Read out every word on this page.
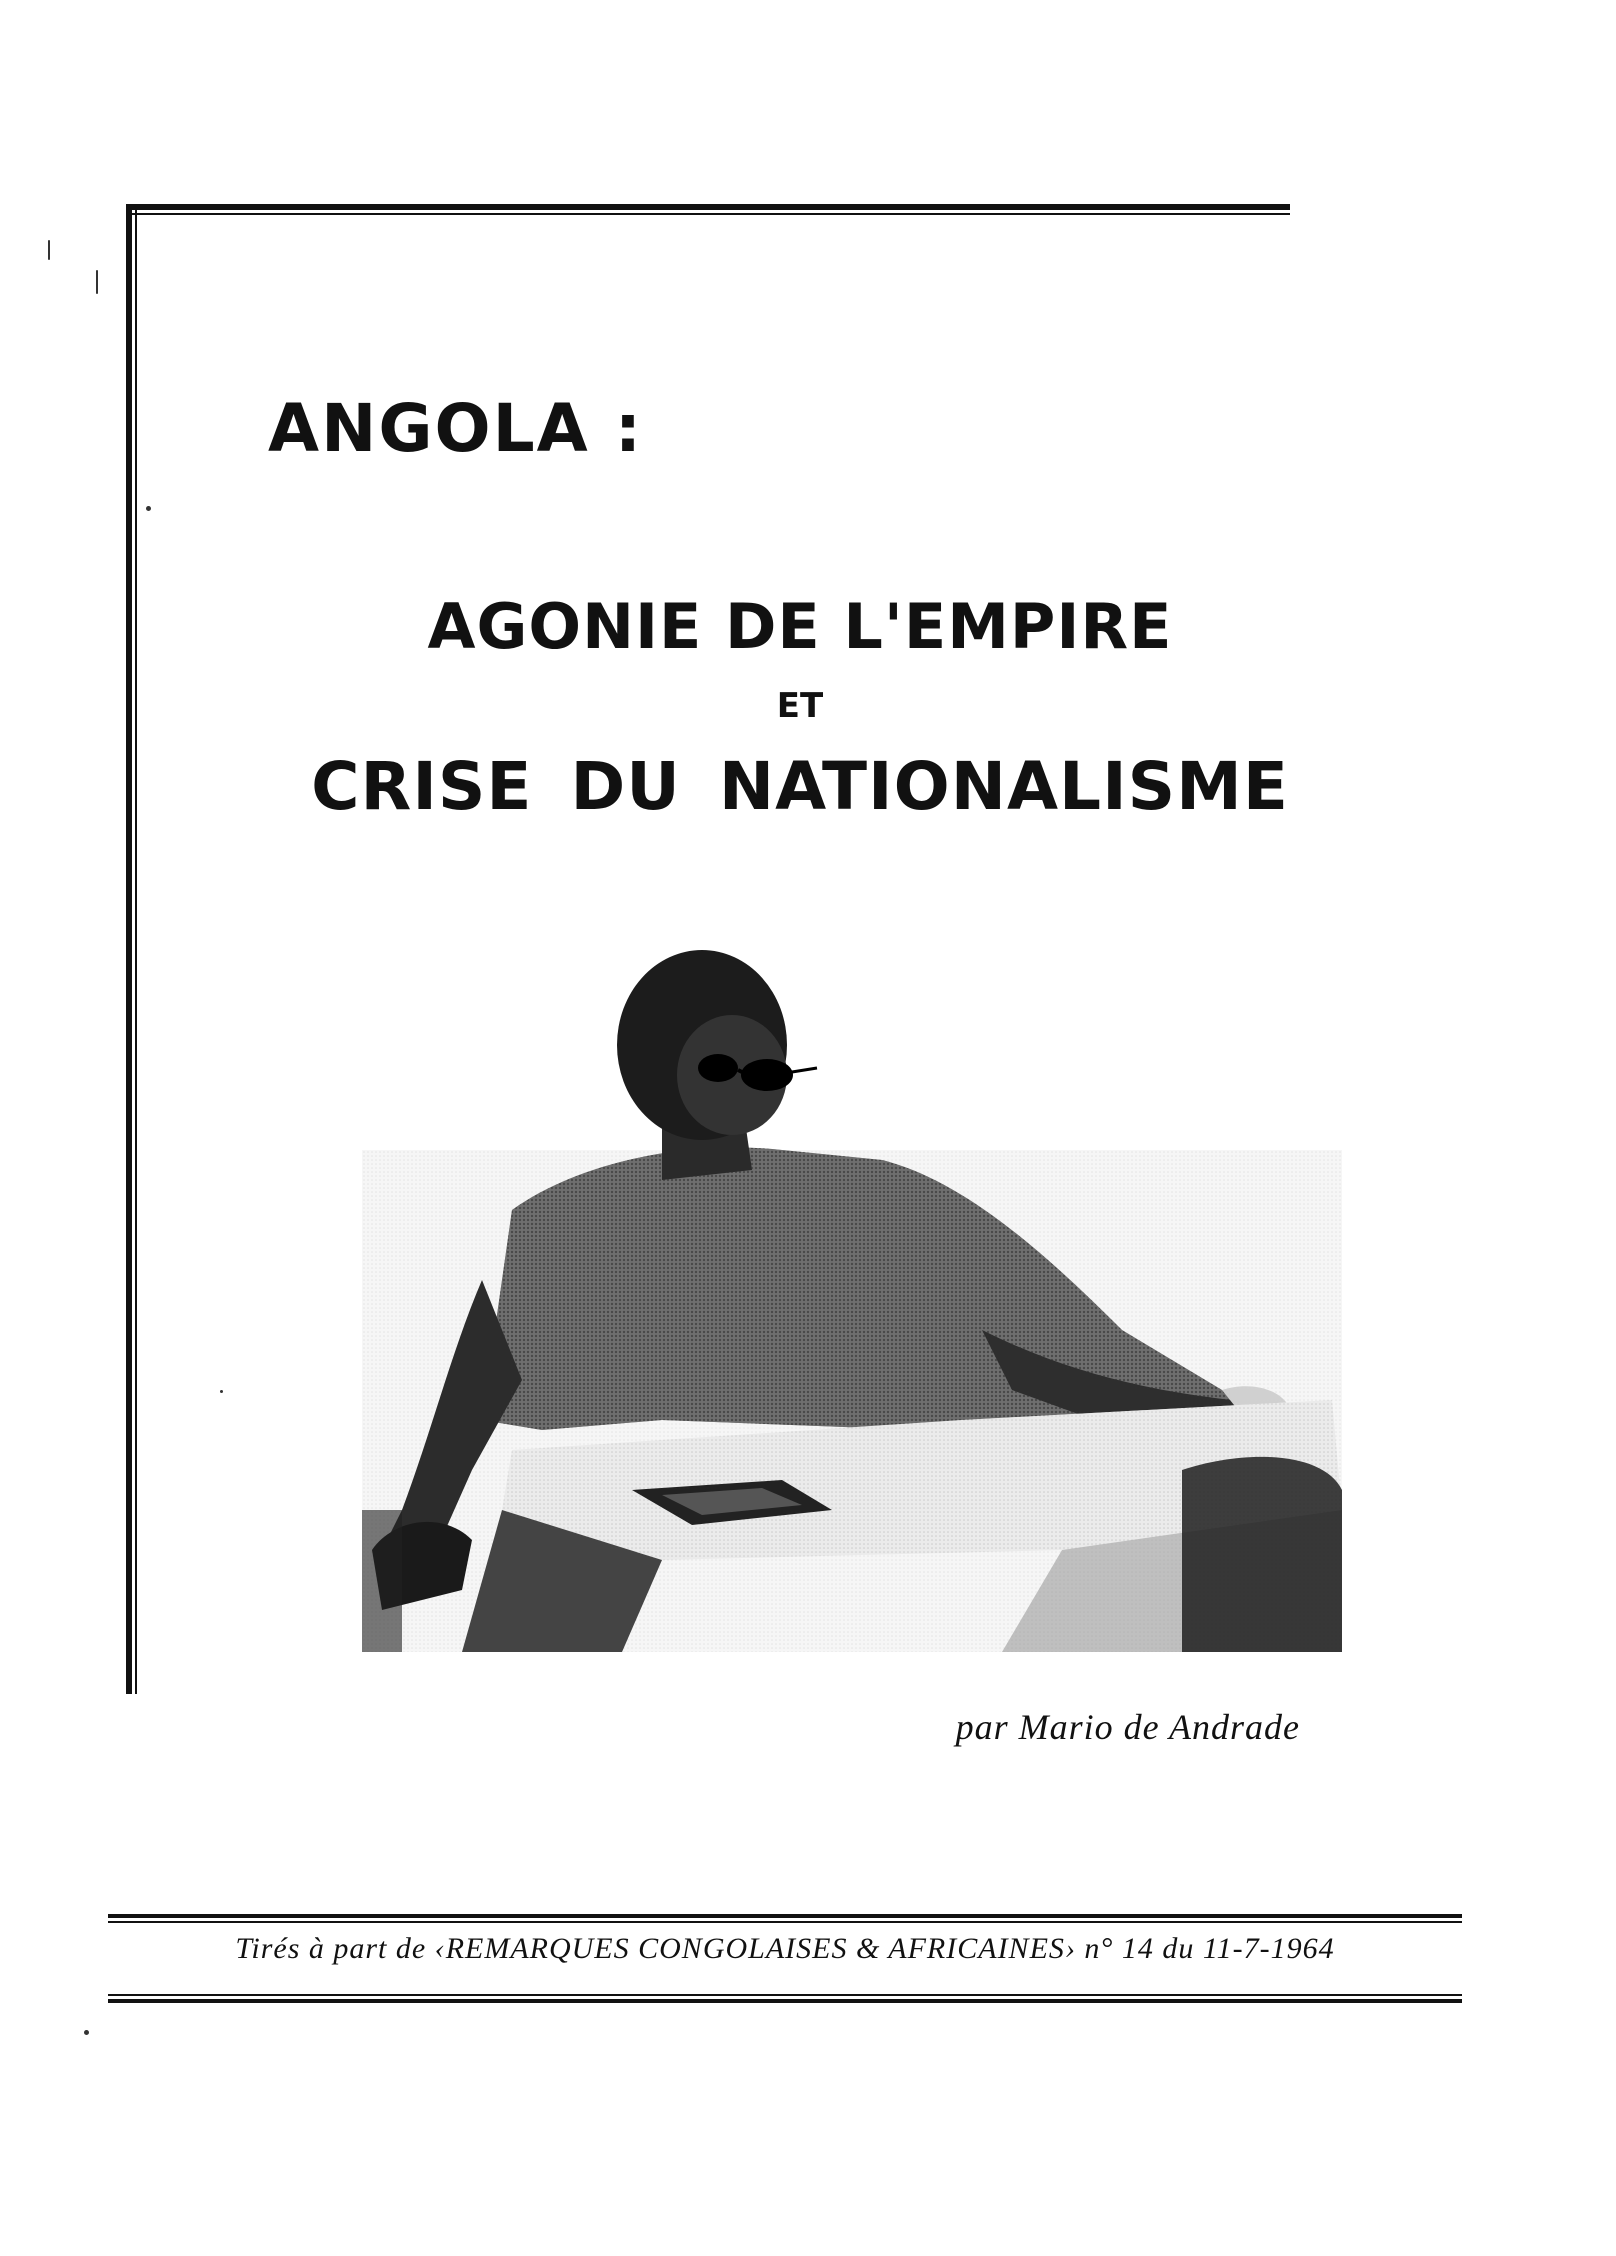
ANGOLA :
AGONIE DE L'EMPIRE
ET
CRISE DU NATIONALISME
par Mario de Andrade
Tirés à part de ‹REMARQUES CONGOLAISES & AFRICAINES› n° 14 du 11-7-1964
